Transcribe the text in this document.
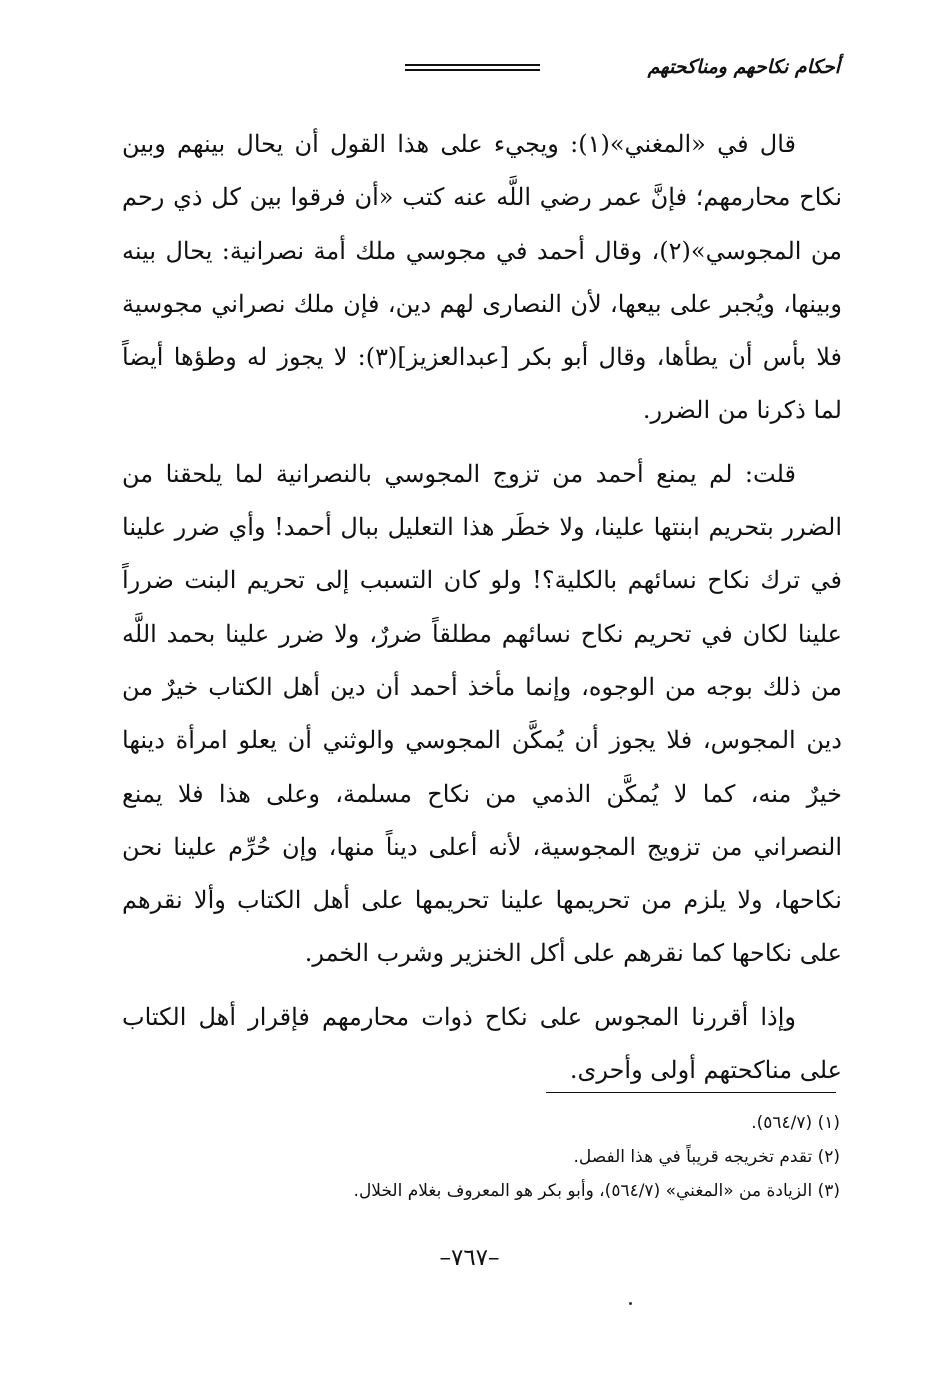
أحكام نكاحهم ومناكحتهم

قال في «المغني»(١): ويجيء على هذا القول أن يحال بينهم وبين نكاح محارمهم؛ فإنَّ عمر رضي اللَّه عنه كتب «أن فرقوا بين كل ذي رحم من المجوسي»(٢)، وقال أحمد في مجوسي ملك أمة نصرانية: يحال بينه وبينها، ويُجبر على بيعها، لأن النصارى لهم دين، فإن ملك نصراني مجوسية فلا بأس أن يطأها، وقال أبو بكر [عبدالعزيز](٣): لا يجوز له وطؤها أيضاً لما ذكرنا من الضرر.

قلت: لم يمنع أحمد من تزوج المجوسي بالنصرانية لما يلحقنا من الضرر بتحريم ابنتها علينا، ولا خطَر هذا التعليل ببال أحمد! وأي ضرر علينا في ترك نكاح نسائهم بالكلية؟! ولو كان التسبب إلى تحريم البنت ضرراً علينا لكان في تحريم نكاح نسائهم مطلقاً ضررٌ، ولا ضرر علينا بحمد اللَّه من ذلك بوجه من الوجوه، وإنما مأخذ أحمد أن دين أهل الكتاب خيرٌ من دين المجوس، فلا يجوز أن يُمكَّن المجوسي والوثني أن يعلو امرأة دينها خيرٌ منه، كما لا يُمكَّن الذمي من نكاح مسلمة، وعلى هذا فلا يمنع النصراني من تزويج المجوسية، لأنه أعلى ديناً منها، وإن حُرِّم علينا نحن نكاحها، ولا يلزم من تحريمها علينا تحريمها على أهل الكتاب وألا نقرهم على نكاحها كما نقرهم على أكل الخنزير وشرب الخمر.

وإذا أقررنا المجوس على نكاح ذوات محارمهم فإقرار أهل الكتاب على مناكحتهم أولى وأحرى.

(١) (٥٦٤/٧).
(٢) تقدم تخريجه قريباً في هذا الفصل.
(٣) الزيادة من «المغني» (٥٦٤/٧)، وأبو بكر هو المعروف بغلام الخلال.
–٧٦٧–
